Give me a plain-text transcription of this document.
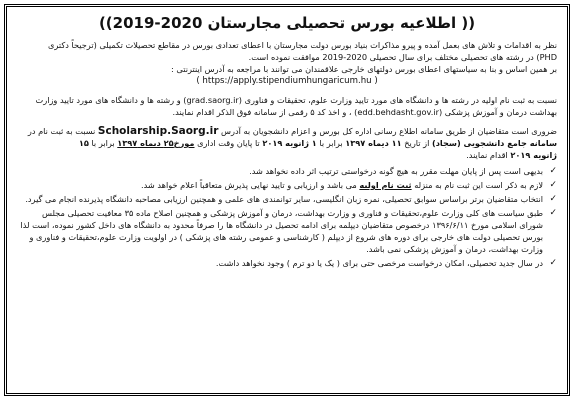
(( اطلاعیه بورس تحصیلی مجارستان 2020-2019))

نظر به اقدامات و تلاش های بعمل آمده و پیرو مذاکرات بنیاد بورس دولت مجارستان با اعطای تعدادی بورس در مقاطع تحصیلات تکمیلی (ترجیحاً دکتری
PHD) در رشته های تحصیلی مختلف برای سال تحصیلی 2020-2019 موافقت نموده است.
بر همین اساس و بنا به سیاستهای اعطای بورس دولتهای خارجی علاقمندان می توانند با مراجعه به آدرس اینترنتی :

( https://apply.stipendiumhungaricum.hu )

نسبت به ثبت نام اولیه در رشته ها و دانشگاه های مورد تایید وزارت علوم، تحقیقات و فناوری (grad.saorg.ir) و رشته ها و دانشگاه های مورد تایید وزارت
بهداشت درمان و آموزش پزشکی (edd.behdasht.gov.ir) ، و اخذ کد ۵ رقمی از سامانه فوق الذکر اقدام نمایند.

ضروری است متقاضیان از طریق سامانه اطلاع رسانی اداره کل بورس و اعزام دانشجویان به آدرس Scholarship.Saorg.ir نسبت به ثبت نام در
سامانه جامع دانشجویی (سجاد) از تاریخ ۱۱ دیماه ۱۳۹۷ برابر با ۱ ژانویه ۲۰۱۹ تا پایان وقت اداری مورخ۲۵ دیماه ۱۳۹۷ برابر با ۱۵
ژانویه ۲۰۱۹ اقدام نمایند.

✓
بدیهی است پس از پایان مهلت مقرر به هیچ گونه درخواستی ترتیب اثر داده نخواهد شد.
✓
لازم به ذکر است این ثبت نام به منزله ثبت نام اولیه می باشد و ارزیابی و تایید نهایی پذیرش متعاقباً اعلام خواهد شد.
✓
انتخاب متقاضیان برتر براساس سوابق تحصیلی، نمره زبان انگلیسی، سایر توانمندی های علمی و همچنین ارزیابی مصاحبه دانشگاه پذیرنده انجام می گیرد.
✓
طبق سیاست های کلی وزارت علوم،تحقیقات و فناوری و وزارت بهداشت، درمان و آموزش پزشکی و همچنین اصلاح ماده ۳۵ معافیت تحصیلی مجلس شورای اسلامی مورخ ۱۳۹۶/۶/۱۱ درخصوص متقاضیان دیپلمه برای ادامه تحصیل در دانشگاه ها را صرفاً محدود به دانشگاه های داخل کشور نموده، است لذا بورس تحصیلی دولت های خارجی برای دوره های شروع از دیپلم ( کارشناسی و عمومی رشته های پزشکی ) در اولویت وزارت علوم،تحقیقات و فناوری و وزارت بهداشت، درمان و آموزش پزشکی نمی باشد.
✓
در سال جدید تحصیلی، امکان درخواست مرخصی حتی برای ( یک یا دو ترم ) وجود نخواهد داشت.
